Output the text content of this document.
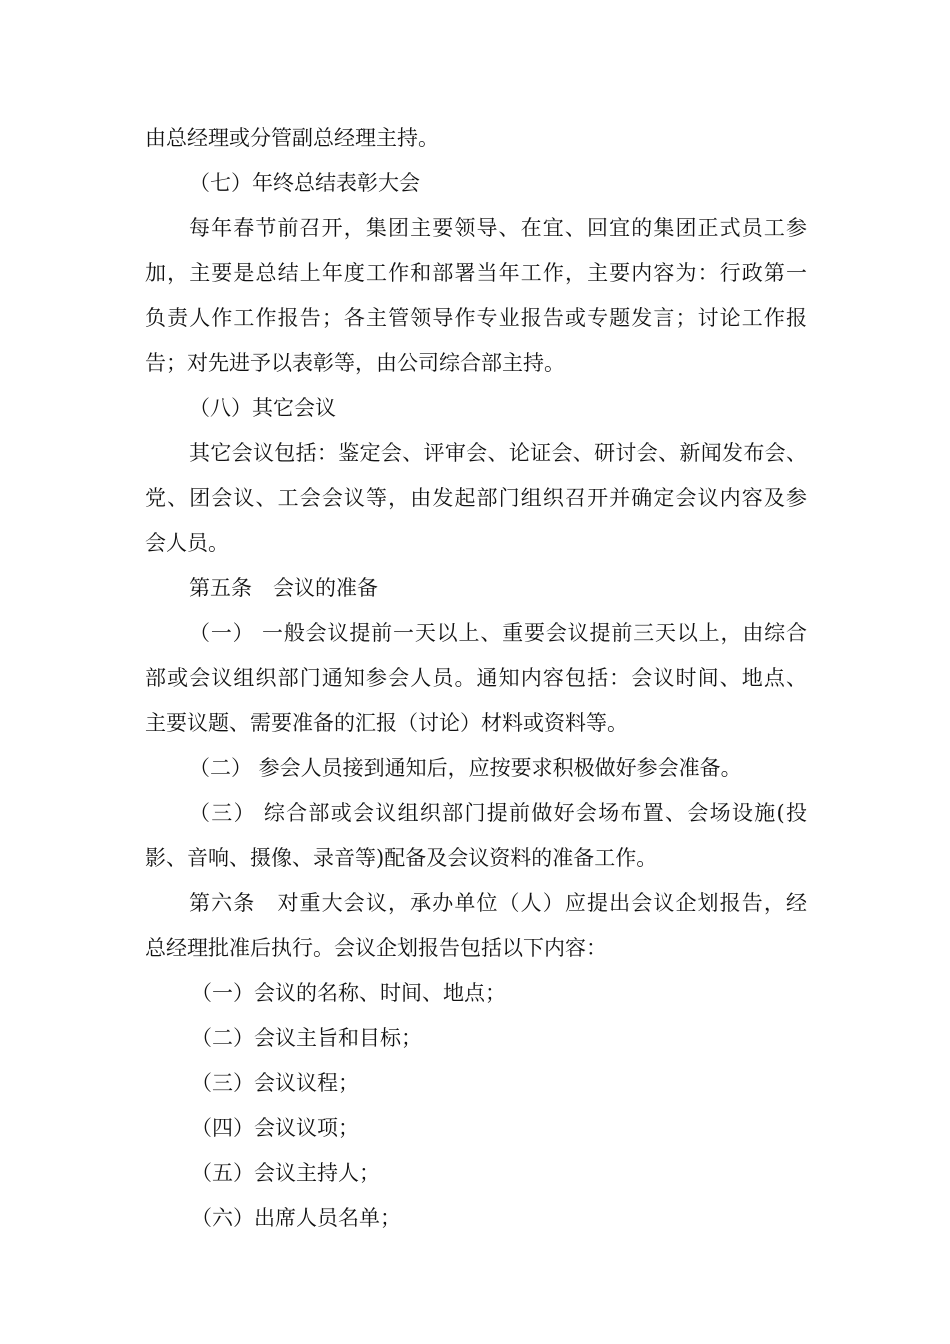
由总经理或分管副总经理主持。
（七）年终总结表彰大会
每年春节前召开，集团主要领导、在宜、回宜的集团正式员工参
加，主要是总结上年度工作和部署当年工作，主要内容为：行政第一
负责人作工作报告；各主管领导作专业报告或专题发言；讨论工作报
告；对先进予以表彰等，由公司综合部主持。
（八）其它会议
其它会议包括：鉴定会、评审会、论证会、研讨会、新闻发布会、
党、团会议、工会会议等，由发起部门组织召开并确定会议内容及参
会人员。
第五条　会议的准备
（一） 一般会议提前一天以上、重要会议提前三天以上，由综合
部或会议组织部门通知参会人员。通知内容包括：会议时间、地点、
主要议题、需要准备的汇报（讨论）材料或资料等。
（二） 参会人员接到通知后，应按要求积极做好参会准备。
（三） 综合部或会议组织部门提前做好会场布置、会场设施(投
影、音响、摄像、录音等)配备及会议资料的准备工作。
第六条　对重大会议，承办单位（人）应提出会议企划报告，经
总经理批准后执行。会议企划报告包括以下内容：
（一）会议的名称、时间、地点；
（二）会议主旨和目标；
（三）会议议程；
（四）会议议项；
（五）会议主持人；
（六）出席人员名单；
